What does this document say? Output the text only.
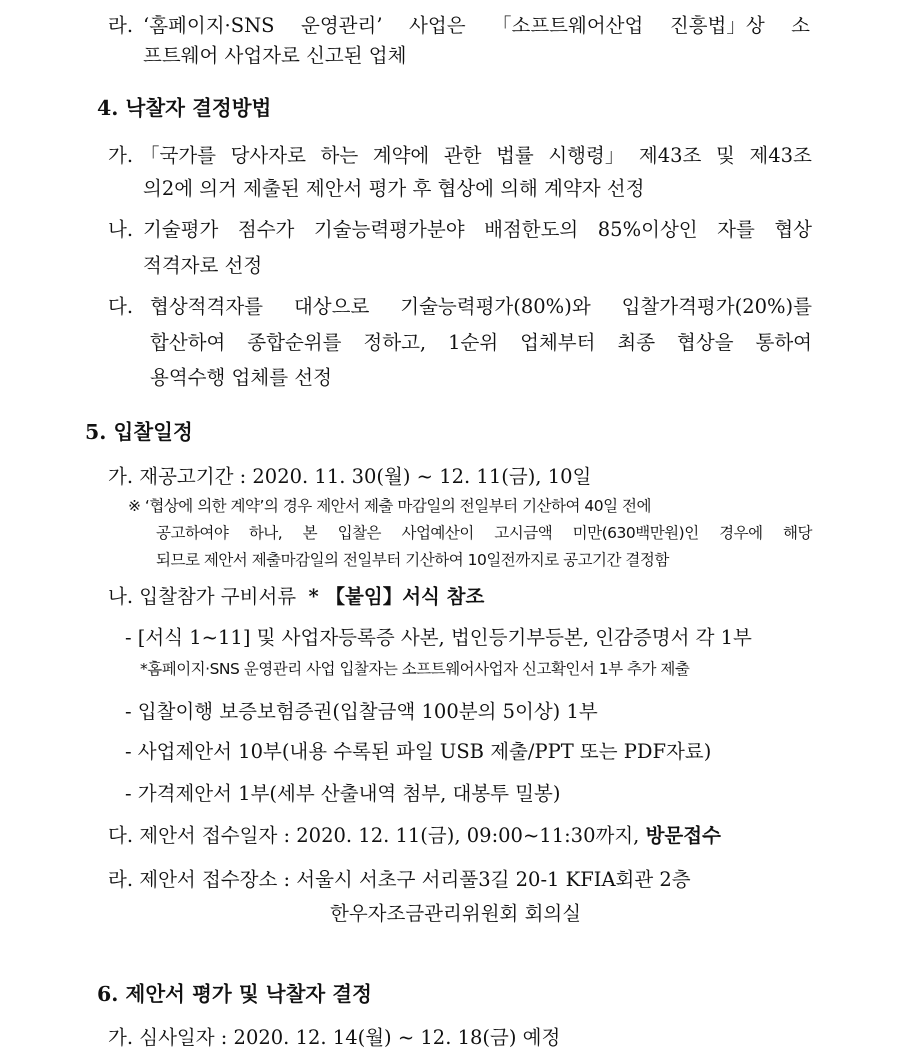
라. ‘홈페이지·SNS 운영관리’ 사업은 「소프트웨어산업 진흥법」상 소
프트웨어 사업자로 신고된 업체
4. 낙찰자 결정방법
가. 「국가를 당사자로 하는 계약에 관한 법률 시행령」 제43조 및 제43조
의2에 의거 제출된 제안서 평가 후 협상에 의해 계약자 선정
나. 기술평가 점수가 기술능력평가분야 배점한도의 85%이상인 자를 협상
적격자로 선정
다. 협상적격자를 대상으로 기술능력평가(80%)와 입찰가격평가(20%)를
합산하여 종합순위를 정하고, 1순위 업체부터 최종 협상을 통하여
용역수행 업체를 선정
5. 입찰일정
가. 재공고기간 : 2020. 11. 30(월) ~ 12. 11(금), 10일
※ ‘협상에 의한 계약’의 경우 제안서 제출 마감일의 전일부터 기산하여 40일 전에
공고하여야 하나, 본 입찰은 사업예산이 고시금액 미만(630백만원)인 경우에 해당
되므로 제안서 제출마감일의 전일부터 기산하여 10일전까지로 공고기간 결정함
나. 입찰참가 구비서류  * 【붙임】서식 참조
- [서식 1~11] 및 사업자등록증 사본, 법인등기부등본, 인감증명서 각 1부
*홈페이지·SNS 운영관리 사업 입찰자는 소프트웨어사업자 신고확인서 1부 추가 제출
- 입찰이행 보증보험증권(입찰금액 100분의 5이상) 1부
- 사업제안서 10부(내용 수록된 파일 USB 제출/PPT 또는 PDF자료)
- 가격제안서 1부(세부 산출내역 첨부, 대봉투 밀봉)
다. 제안서 접수일자 : 2020. 12. 11(금), 09:00~11:30까지, 방문접수
라. 제안서 접수장소 : 서울시 서초구 서리풀3길 20-1 KFIA회관 2층
한우자조금관리위원회 회의실
6. 제안서 평가 및 낙찰자 결정
가. 심사일자 : 2020. 12. 14(월) ~ 12. 18(금) 예정
